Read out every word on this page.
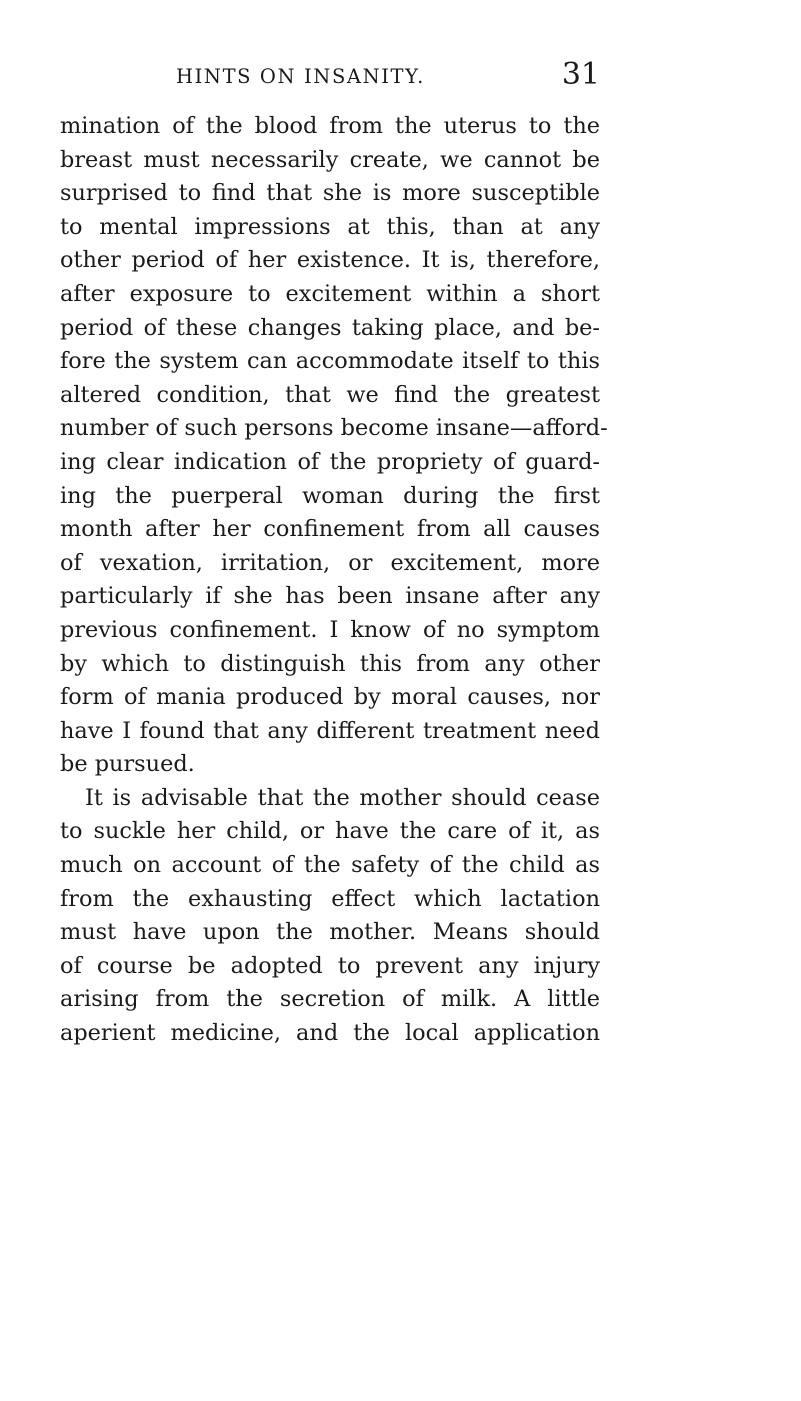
HINTS ON INSANITY.	31
mination of the blood from the uterus to the
breast must necessarily create, we cannot be
surprised to find that she is more susceptible
to mental impressions at this, than at any
other period of her existence. It is, therefore,
after exposure to excitement within a short
period of these changes taking place, and be-
fore the system can accommodate itself to this
altered condition, that we find the greatest
number of such persons become insane—afford-
ing clear indication of the propriety of guard-
ing the puerperal woman during the first
month after her confinement from all causes
of vexation, irritation, or excitement, more
particularly if she has been insane after any
previous confinement. I know of no symptom
by which to distinguish this from any other
form of mania produced by moral causes, nor
have I found that any different treatment need
be pursued.
It is advisable that the mother should cease
to suckle her child, or have the care of it, as
much on account of the safety of the child as
from the exhausting effect which lactation
must have upon the mother. Means should
of course be adopted to prevent any injury
arising from the secretion of milk. A little
aperient medicine, and the local application
